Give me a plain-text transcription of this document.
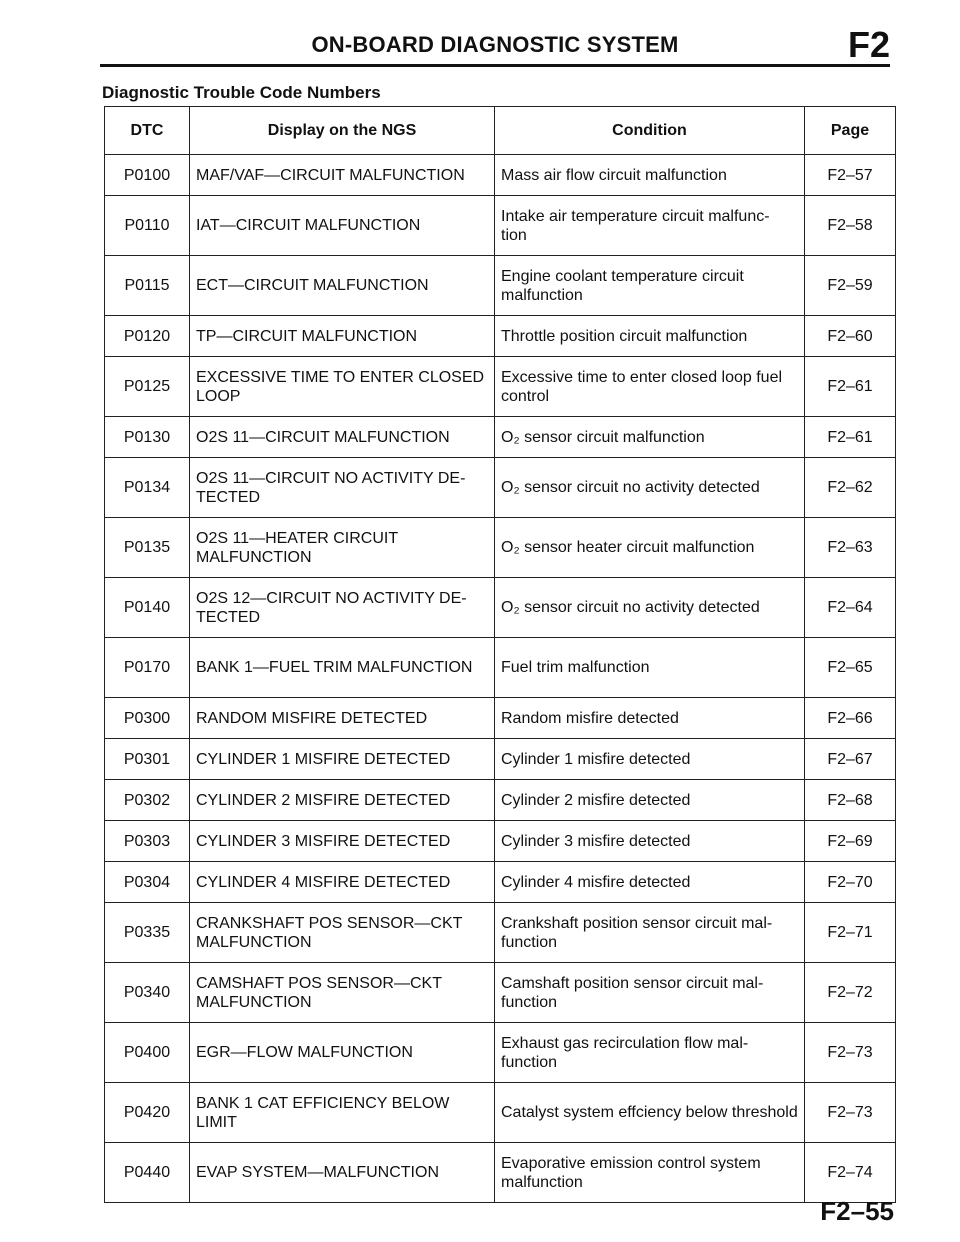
ON-BOARD DIAGNOSTIC SYSTEM	F2
Diagnostic Trouble Code Numbers
DTC	Display on the NGS	Condition	Page
P0100	MAF/VAF—CIRCUIT MALFUNCTION	Mass air flow circuit malfunction	F2–57
P0110	IAT—CIRCUIT MALFUNCTION	Intake air temperature circuit malfunc- tion	F2–58
P0115	ECT—CIRCUIT MALFUNCTION	Engine coolant temperature circuit malfunction	F2–59
P0120	TP—CIRCUIT MALFUNCTION	Throttle position circuit malfunction	F2–60
P0125	EXCESSIVE TIME TO ENTER CLOSED LOOP	Excessive time to enter closed loop fuel control	F2–61
P0130	O2S 11—CIRCUIT MALFUNCTION	O₂ sensor circuit malfunction	F2–61
P0134	O2S 11—CIRCUIT NO ACTIVITY DE- TECTED	O₂ sensor circuit no activity detected	F2–62
P0135	O2S 11—HEATER CIRCUIT MALFUNCTION	O₂ sensor heater circuit malfunction	F2–63
P0140	O2S 12—CIRCUIT NO ACTIVITY DE- TECTED	O₂ sensor circuit no activity detected	F2–64
P0170	BANK 1—FUEL TRIM MALFUNCTION	Fuel trim malfunction	F2–65
P0300	RANDOM MISFIRE DETECTED	Random misfire detected	F2–66
P0301	CYLINDER 1 MISFIRE DETECTED	Cylinder 1 misfire detected	F2–67
P0302	CYLINDER 2 MISFIRE DETECTED	Cylinder 2 misfire detected	F2–68
P0303	CYLINDER 3 MISFIRE DETECTED	Cylinder 3 misfire detected	F2–69
P0304	CYLINDER 4 MISFIRE DETECTED	Cylinder 4 misfire detected	F2–70
P0335	CRANKSHAFT POS SENSOR—CKT MALFUNCTION	Crankshaft position sensor circuit mal- function	F2–71
P0340	CAMSHAFT POS SENSOR—CKT MALFUNCTION	Camshaft position sensor circuit mal- function	F2–72
P0400	EGR—FLOW MALFUNCTION	Exhaust gas recirculation flow mal- function	F2–73
P0420	BANK 1 CAT EFFICIENCY BELOW LIMIT	Catalyst system effciency below threshold	F2–73
P0440	EVAP SYSTEM—MALFUNCTION	Evaporative emission control system malfunction	F2–74
F2–55
